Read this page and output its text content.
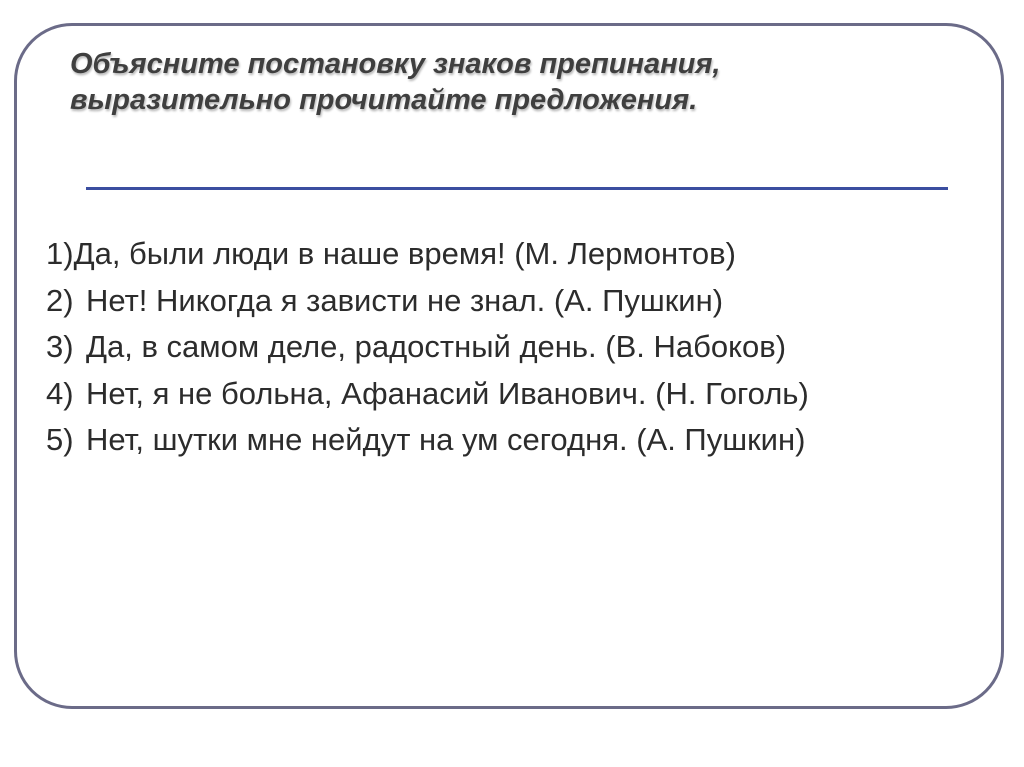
Объясните постановку знаков препинания,
выразительно прочитайте предложения.
1) Да, были люди в наше время! (М. Лермонтов)
2) Нет! Никогда я зависти не знал. (А. Пушкин)
3) Да, в самом деле, радостный день. (В. Набоков)
4) Нет, я не больна, Афанасий Иванович. (Н. Гоголь)
5) Нет, шутки мне нейдут на ум сегодня. (А. Пушкин)
